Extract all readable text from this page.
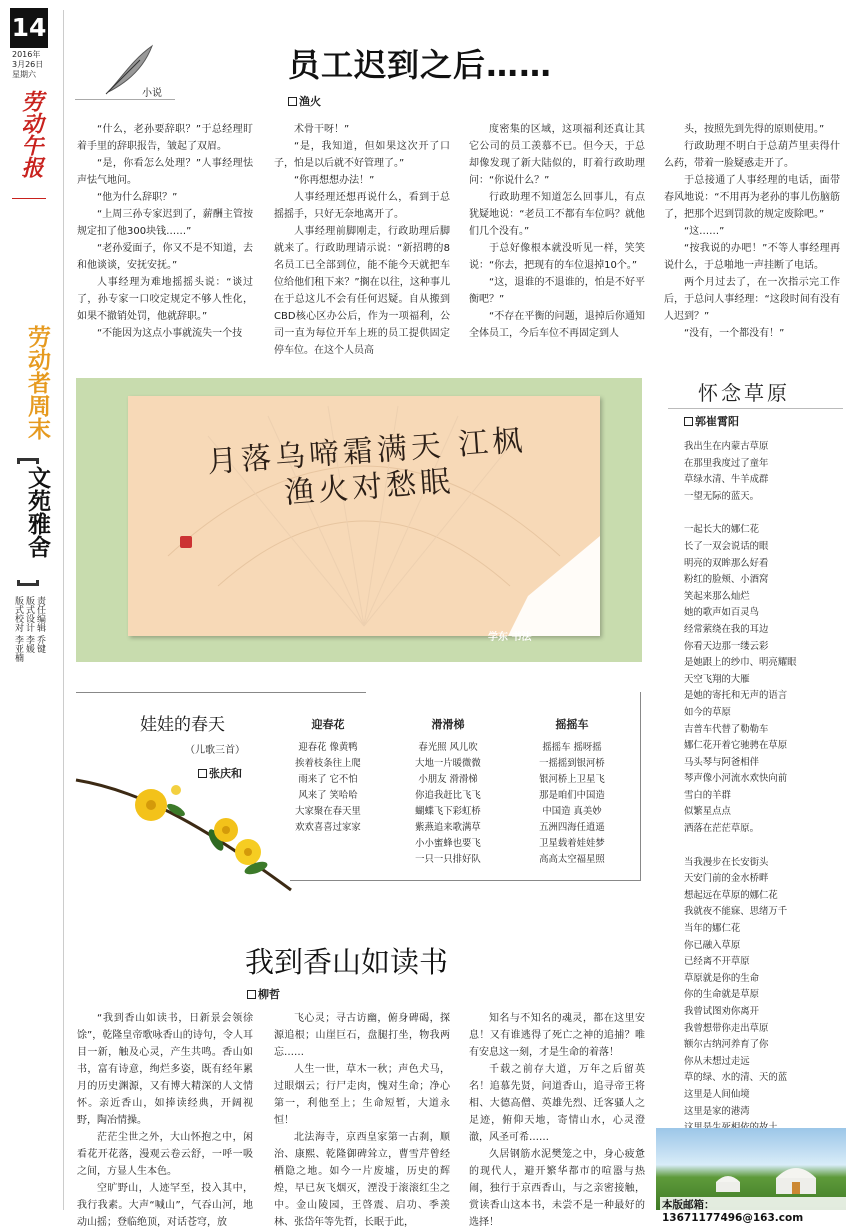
14
2016年
3月26日
星期六
劳动午报
劳动者周末
文苑雅舍
责任编辑 乔键
版式设计 李媛
版式校对 李亚楠
小说
员工迟到之后……
渔火
“什么，老孙要辞职？”于总经理盯着手里的辞职报告，皱起了双眉。
“是，你看怎么处理？”人事经理怯声怯气地问。
“他为什么辞职？”
“上周三孙专家迟到了，薪酬主管按规定扣了他300块钱……”
“老孙爱面子，你又不是不知道，去和他谈谈，安抚安抚。”
人事经理为难地摇摇头说：“谈过了，孙专家一口咬定规定不够人性化，如果不撤销处罚，他就辞职。”
“不能因为这点小事就流失一个技
术骨干呀！”
“是，我知道，但如果这次开了口子，怕是以后就不好管理了。”
“你再想想办法！”
人事经理还想再说什么，看到于总摇摇手，只好无奈地离开了。
人事经理前脚刚走，行政助理后脚就来了。行政助理请示说：“新招聘的8名员工已全部到位，能不能今天就把车位给他们租下来？”搁在以往，这种事儿在于总这儿不会有任何迟疑。自从搬到CBD核心区办公后，作为一项福利，公司一直为每位开车上班的员工提供固定停车位。在这个人员高
度密集的区域，这项福利还真让其它公司的员工羡慕不已。但今天，于总却像发现了新大陆似的，盯着行政助理问：“你说什么？”
行政助理不知道怎么回事儿，有点犹疑地说：“老员工不都有车位吗？就他们几个没有。”
于总好像根本就没听见一样，笑笑说：“你去，把现有的车位退掉10个。”
“这，退谁的不退谁的，怕是不好平衡吧？”
“不存在平衡的问题，退掉后你通知全体员工，今后车位不再固定到人
头，按照先到先得的原则使用。”
行政助理不明白于总葫芦里卖得什么药，带着一脸疑惑走开了。
于总接通了人事经理的电话，面带春风地说：“不用再为老孙的事儿伤脑筋了，把那个迟到罚款的规定废除吧。”
“这……”
“按我说的办吧！”不等人事经理再说什么，于总啪地一声挂断了电话。
两个月过去了，在一次指示完工作后，于总问人事经理：“这段时间有没有人迟到？”
“没有，一个都没有！”
月落乌啼霜满天 江枫渔火对愁眠
学东 书法
娃娃的春天
（儿歌三首）
张庆和
迎春花
迎春花 像黄鸭
挨着枝条往上爬
雨来了 它不怕
风来了 笑哈哈
大家聚在春天里
欢欢喜喜过家家
滑滑梯
春光照 风儿吹
大地一片暖微微
小朋友 滑滑梯
你追我赶比飞飞
蝴蝶飞下彩虹桥
紫燕追来歌满草
小小蜜蜂也要飞
一只一只排好队
摇摇车
摇摇车 摇呀摇
一摇摇到银河桥
银河桥上卫星飞
那是咱们中国造
中国造 真美妙
五洲四海任逍遥
卫星载着娃娃梦
高高太空福星照
怀念草原
郭崔霄阳
我出生在内蒙古草原
在那里我度过了童年
草绿水清、牛羊成群
一望无际的蓝天。
一起长大的娜仁花
长了一双会说话的眼
明亮的双眸那么好看
粉红的脸颊、小酒窝
笑起来那么灿烂
她的歌声如百灵鸟
经常萦绕在我的耳边
你看天边那一缕云彩
是她跟上的纱巾、明亮耀眼
天空飞翔的大雁
是她的寄托和无声的语言
如今的草原
吉普车代替了勒勒车
娜仁花开着它驰骋在草原
马头琴与阿爸相伴
琴声像小河流水欢快向前
雪白的羊群
似繁星点点
洒落在茫茫草原。
当我漫步在长安街头
天安门前的金水桥畔
想起远在草原的娜仁花
我就夜不能寐、思绪万千
当年的娜仁花
你已融入草原
已经离不开草原
草原就是你的生命
你的生命就是草原
我曾试图劝你离开
我曾想带你走出草原
额尔古纳河养育了你
你从未想过走远
草的绿、水的清、天的蓝
这里是人间仙境
这里是家的港湾
本版邮箱：13671177496@163.com
我到香山如读书
柳哲
“我到香山如读书，日新景会领徐馀”，乾隆皇帝歌咏香山的诗句，令人耳目一新，触及心灵，产生共鸣。香山如书，富有诗意，绚烂多姿，既有经年累月的历史渊源，又有博大精深的人文情怀。亲近香山，如捧读经典，开阔视野，陶冶情操。
茫茫尘世之外，大山怀抱之中，闲看花开花落，漫观云卷云舒，一呼一吸之间，方显人生本色。
空旷野山，人迹罕至，投入其中，我行我素。大声“喊山”，气吞山河，地动山摇；登临绝顶，对话苍穹，放
飞心灵；寻古访幽，俯身碑碣，探源追根；山崖巨石，盘腿打坐，物我两忘……
人生一世，草木一秋；声色犬马，过眼烟云；行尸走肉，愧对生命；净心第一，利他至上；生命短暂，大道永恒！
北法海寺，京西皇家第一古刹，顺治、康熙、乾隆御碑耸立，曹雪芹曾经栖隐之地。如今一片废墟，历史的辉煌，早已灰飞烟灭，湮没于滚滚红尘之中。金山陵园，王啓震、启功、季羡林、张岱年等先哲，长眠于此，
知名与不知名的魂灵，都在这里安息！又有谁逃得了死亡之神的追捕？唯有安息这一刻，才是生命的着落！
千载之前存大道，万年之后留英名！追慕先贤，问道香山，追寻帝王将相、大德高僧、英雄先烈、迁客骚人之足迹，俯仰天地，寄情山水，心灵澄澈，风圣可希……
久居钢筋水泥樊笼之中，身心疲惫的现代人，避开繁华都市的喧嚣与热闹，独行于京西香山，与之亲密接触，赏读香山这本书，未尝不是一种最好的选择！
